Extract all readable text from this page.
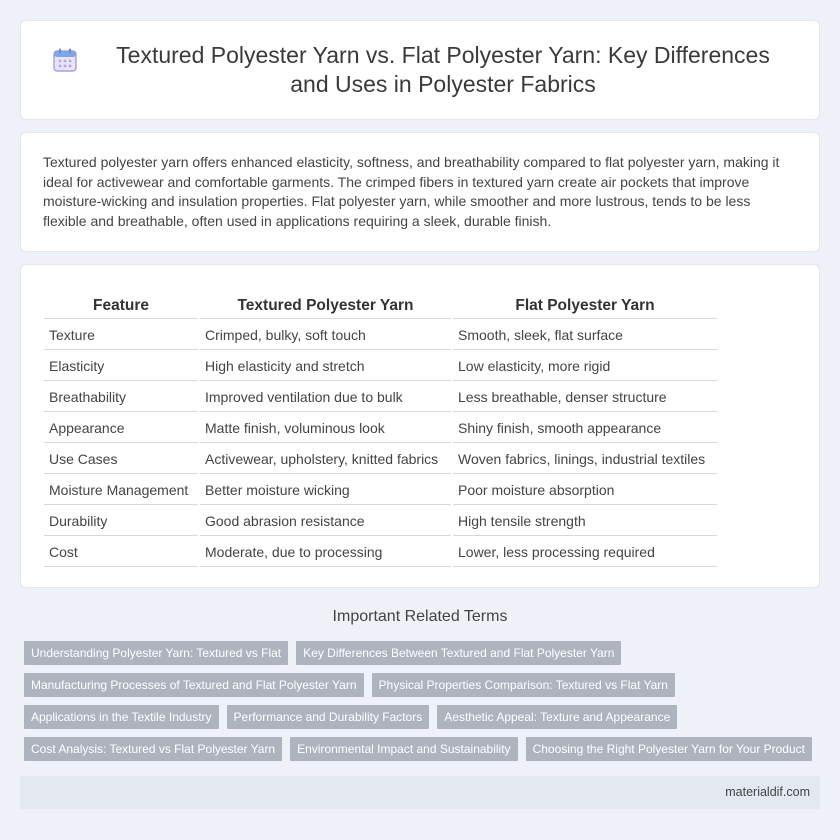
Textured Polyester Yarn vs. Flat Polyester Yarn: Key Differences and Uses in Polyester Fabrics

Textured polyester yarn offers enhanced elasticity, softness, and breathability compared to flat polyester yarn, making it ideal for activewear and comfortable garments. The crimped fibers in textured yarn create air pockets that improve moisture-wicking and insulation properties. Flat polyester yarn, while smoother and more lustrous, tends to be less flexible and breathable, often used in applications requiring a sleek, durable finish.

Feature	Textured Polyester Yarn	Flat Polyester Yarn
Texture	Crimped, bulky, soft touch	Smooth, sleek, flat surface
Elasticity	High elasticity and stretch	Low elasticity, more rigid
Breathability	Improved ventilation due to bulk	Less breathable, denser structure
Appearance	Matte finish, voluminous look	Shiny finish, smooth appearance
Use Cases	Activewear, upholstery, knitted fabrics	Woven fabrics, linings, industrial textiles
Moisture Management	Better moisture wicking	Poor moisture absorption
Durability	Good abrasion resistance	High tensile strength
Cost	Moderate, due to processing	Lower, less processing required
Important Related Terms
Understanding Polyester Yarn: Textured vs Flat	Key Differences Between Textured and Flat Polyester Yarn
Manufacturing Processes of Textured and Flat Polyester Yarn	Physical Properties Comparison: Textured vs Flat Yarn
Applications in the Textile Industry	Performance and Durability Factors	Aesthetic Appeal: Texture and Appearance
Cost Analysis: Textured vs Flat Polyester Yarn	Environmental Impact and Sustainability	Choosing the Right Polyester Yarn for Your Product
materialdif.com
